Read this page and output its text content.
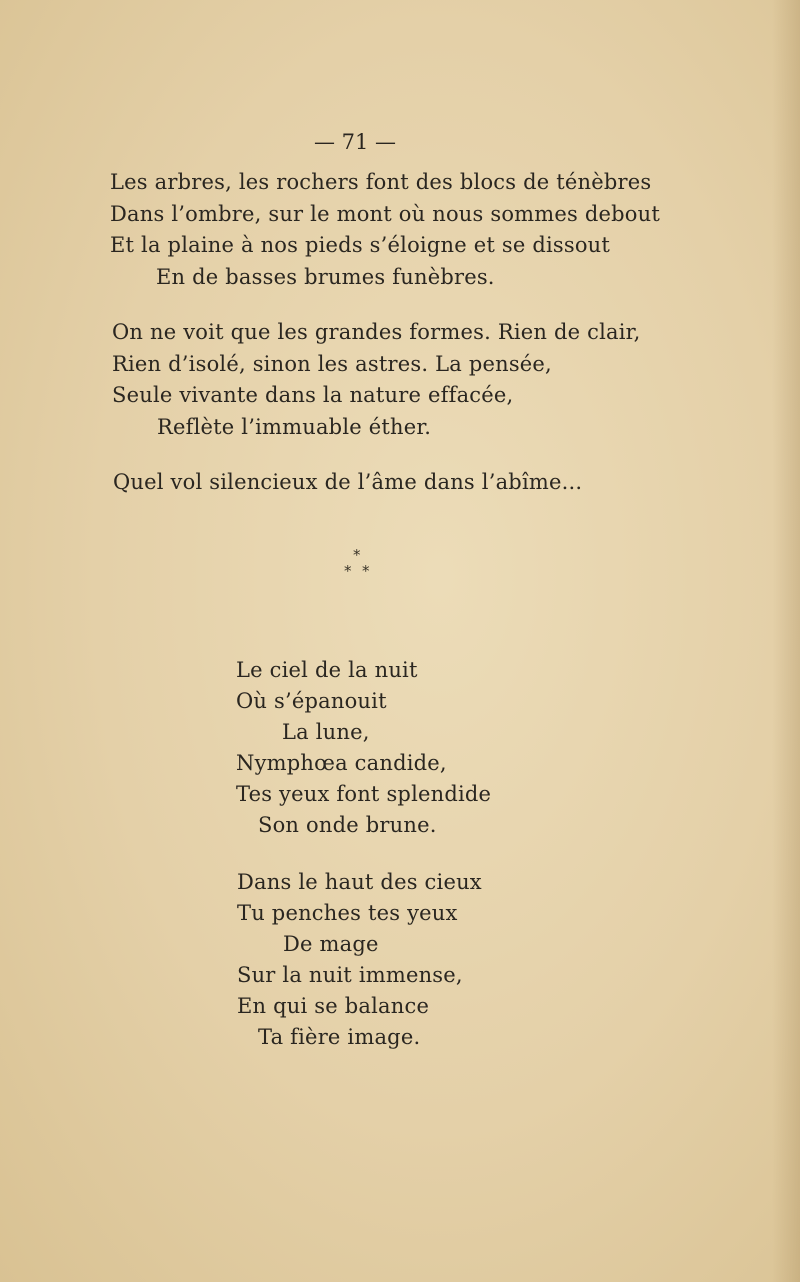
— 71 —
Les arbres, les rochers font des blocs de ténèbres
Dans l’ombre, sur le mont où nous sommes debout
Et la plaine à nos pieds s’éloigne et se dissout
En de basses brumes funèbres.
On ne voit que les grandes formes. Rien de clair,
Rien d’isolé, sinon les astres. La pensée,
Seule vivante dans la nature effacée,
Reflète l’immuable éther.
Quel vol silencieux de l’âme dans l’abîme...
*
* *
Le ciel de la nuit
Où s’épanouit
La lune,
Nymphœa candide,
Tes yeux font splendide
Son onde brune.
Dans le haut des cieux
Tu penches tes yeux
De mage
Sur la nuit immense,
En qui se balance
Ta fière image.
